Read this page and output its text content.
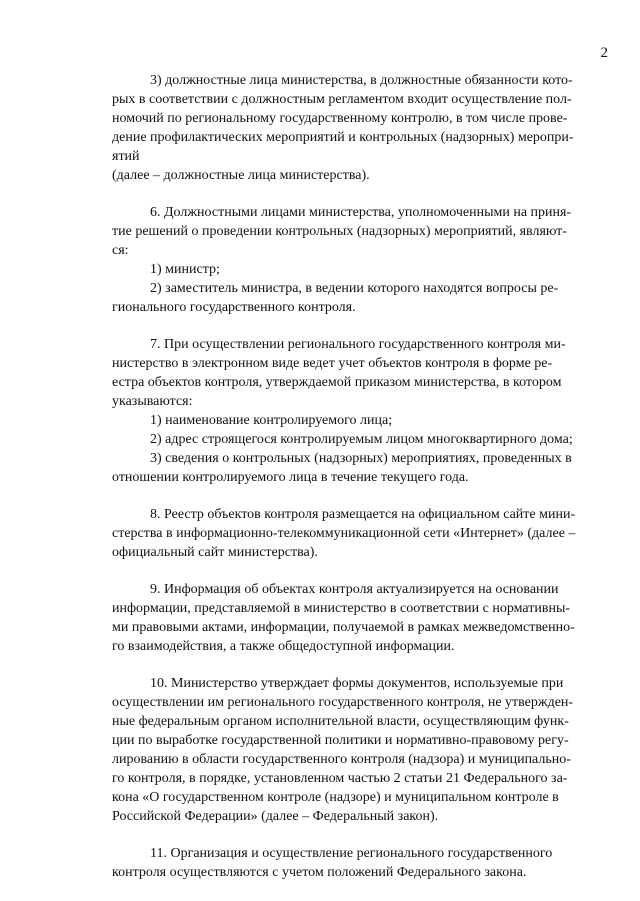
2

3) должностные лица министерства, в должностные обязанности кото-

рых в соответствии с должностным регламентом входит осуществление пол-

номочий по региональному государственному контролю, в том числе прове-

дение профилактических мероприятий и контрольных (надзорных) меропри-

ятий

(далее – должностные лица министерства).

6. Должностными лицами министерства, уполномоченными на приня-

тие решений о проведении контрольных (надзорных) мероприятий, являют-

ся:

1) министр;

2) заместитель министра, в ведении которого находятся вопросы ре-

гионального государственного контроля.

7. При осуществлении регионального государственного контроля ми-

нистерство в электронном виде ведет учет объектов контроля в форме ре-

естра объектов контроля, утверждаемой приказом министерства, в котором

указываются:

1) наименование контролируемого лица;

2) адрес строящегося контролируемым лицом многоквартирного дома;

3) сведения о контрольных (надзорных) мероприятиях, проведенных в

отношении контролируемого лица в течение текущего года.

8. Реестр объектов контроля размещается на официальном сайте мини-

стерства в информационно-телекоммуникационной сети «Интернет» (далее –

официальный сайт министерства).

9. Информация об объектах контроля актуализируется на основании

информации, представляемой в министерство в соответствии с нормативны-

ми правовыми актами, информации, получаемой в рамках межведомственно-

го взаимодействия, а также общедоступной информации.

10. Министерство утверждает формы документов, используемые при

осуществлении им регионального государственного контроля, не утвержден-

ные федеральным органом исполнительной власти, осуществляющим функ-

ции по выработке государственной политики и нормативно-правовому регу-

лированию в области государственного контроля (надзора) и муниципально-

го контроля, в порядке, установленном частью 2 статьи 21 Федерального за-

кона «О государственном контроле (надзоре) и муниципальном контроле в

Российской Федерации» (далее – Федеральный закон).

11. Организация и осуществление регионального государственного

контроля осуществляются с учетом положений Федерального закона.
